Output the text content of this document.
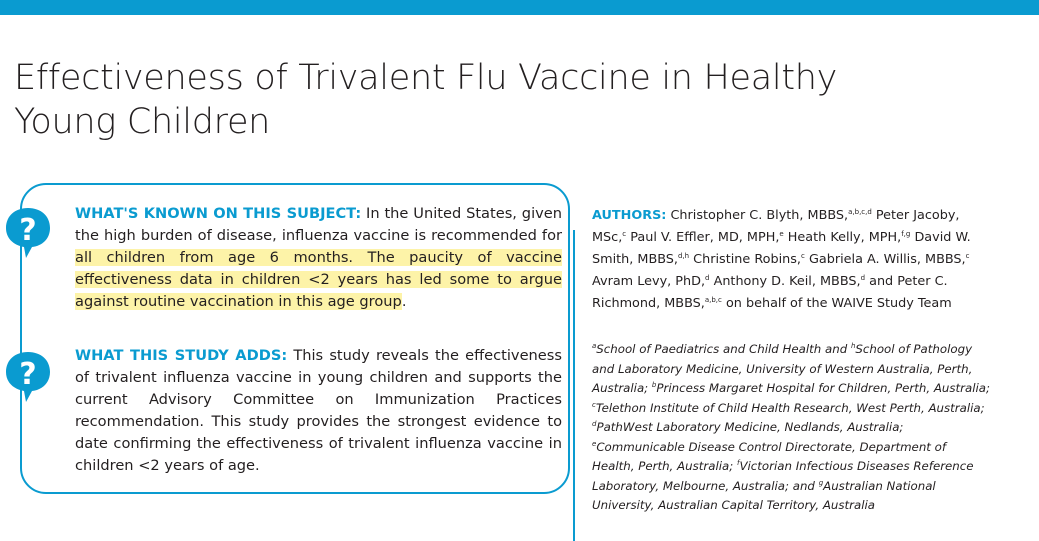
Effectiveness of Trivalent Flu Vaccine in Healthy Young Children
?
?

WHAT'S KNOWN ON THIS SUBJECT: In the United States, given the high burden of disease, influenza vaccine is recommended for all children from age 6 months. The paucity of vaccine effectiveness data in children <2 years has led some to argue against routine vaccination in this age group.

WHAT THIS STUDY ADDS: This study reveals the effectiveness of trivalent influenza vaccine in young children and supports the current Advisory Committee on Immunization Practices recommendation. This study provides the strongest evidence to date confirming the effectiveness of trivalent influenza vaccine in children <2 years of age.

AUTHORS: Christopher C. Blyth, MBBS,$^{a,b,c,d}$ Peter Jacoby, MSc,$^c$ Paul V. Effler, MD, MPH,$^e$ Heath Kelly, MPH,$^{f,g}$ David W. Smith, MBBS,$^{d,h}$ Christine Robins,$^c$ Gabriela A. Willis, MBBS,$^c$ Avram Levy, PhD,$^d$ Anthony D. Keil, MBBS,$^d$ and Peter C. Richmond, MBBS,$^{a,b,c}$ on behalf of the WAIVE Study Team

$^a$School of Paediatrics and Child Health and $^h$School of Pathology and Laboratory Medicine, University of Western Australia, Perth, Australia; $^b$Princess Margaret Hospital for Children, Perth, Australia; $^c$Telethon Institute of Child Health Research, West Perth, Australia; $^d$PathWest Laboratory Medicine, Nedlands, Australia; $^e$Communicable Disease Control Directorate, Department of Health, Perth, Australia; $^f$Victorian Infectious Diseases Reference Laboratory, Melbourne, Australia; and $^g$Australian National University, Australian Capital Territory, Australia
